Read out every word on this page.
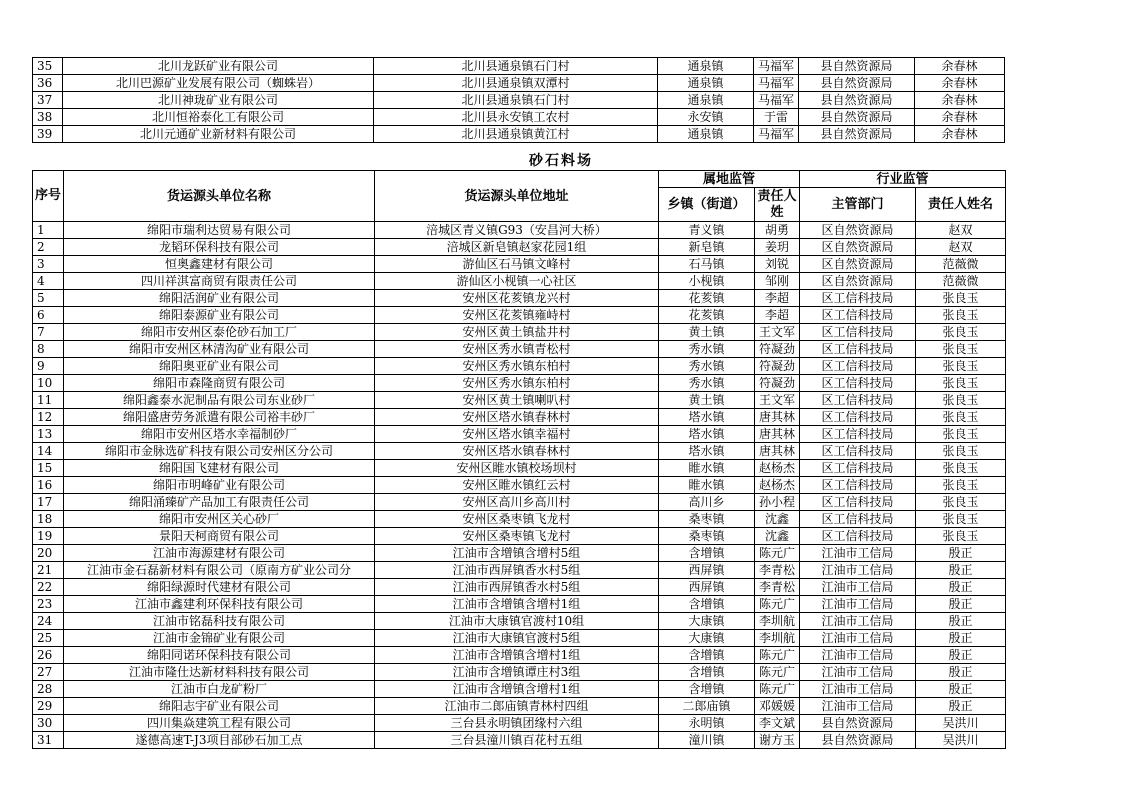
35	北川龙跃矿业有限公司	北川县通泉镇石门村	通泉镇	马福军	县自然资源局	余春林
36	北川巴源矿业发展有限公司（蜘蛛岩）	北川县通泉镇双潭村	通泉镇	马福军	县自然资源局	余春林
37	北川神珑矿业有限公司	北川县通泉镇石门村	通泉镇	马福军	县自然资源局	余春林
38	北川恒裕泰化工有限公司	北川县永安镇工农村	永安镇	于雷	县自然资源局	余春林
39	北川元通矿业新材料有限公司	北川县通泉镇黄江村	通泉镇	马福军	县自然资源局	余春林
砂石料场
序号	货运源头单位名称	货运源头单位地址	属地监管		行业监管	
			乡镇（街道）	责任人姓	主管部门	责任人姓名
1	绵阳市瑞利达贸易有限公司	涪城区青义镇G93（安昌河大桥）	青义镇	胡勇	区自然资源局	赵双
2	龙韬环保科技有限公司	涪城区新皂镇赵家花园1组	新皂镇	姜玥	区自然资源局	赵双
3	恒奥鑫建材有限公司	游仙区石马镇文峰村	石马镇	刘锐	区自然资源局	范薇微
4	四川祥淇富商贸有限责任公司	游仙区小枧镇一心社区	小枧镇	邹刚	区自然资源局	范薇微
5	绵阳活润矿业有限公司	安州区花荄镇龙兴村	花荄镇	李超	区工信科技局	张良玉
6	绵阳泰源矿业有限公司	安州区花荄镇雍峙村	花荄镇	李超	区工信科技局	张良玉
7	绵阳市安州区泰伦砂石加工厂	安州区黄土镇盐井村	黄土镇	王文军	区工信科技局	张良玉
8	绵阳市安州区林清沟矿业有限公司	安州区秀水镇青松村	秀水镇	符凝劲	区工信科技局	张良玉
9	绵阳奥亚矿业有限公司	安州区秀水镇东柏村	秀水镇	符凝劲	区工信科技局	张良玉
10	绵阳市森隆商贸有限公司	安州区秀水镇东柏村	秀水镇	符凝劲	区工信科技局	张良玉
11	绵阳鑫泰水泥制品有限公司东业砂厂	安州区黄土镇喇叭村	黄土镇	王文军	区工信科技局	张良玉
12	绵阳盛唐劳务派遣有限公司裕丰砂厂	安州区塔水镇春林村	塔水镇	唐其林	区工信科技局	张良玉
13	绵阳市安州区塔水幸福制砂厂	安州区塔水镇幸福村	塔水镇	唐其林	区工信科技局	张良玉
14	绵阳市金脉选矿科技有限公司安州区分公司	安州区塔水镇春林村	塔水镇	唐其林	区工信科技局	张良玉
15	绵阳国飞建材有限公司	安州区睢水镇校场坝村	睢水镇	赵杨杰	区工信科技局	张良玉
16	绵阳市明峰矿业有限公司	安州区睢水镇红云村	睢水镇	赵杨杰	区工信科技局	张良玉
17	绵阳涌臻矿产品加工有限责任公司	安州区高川乡高川村	高川乡	孙小程	区工信科技局	张良玉
18	绵阳市安州区关心砂厂	安州区桑枣镇飞龙村	桑枣镇	沈鑫	区工信科技局	张良玉
19	景阳天柯商贸有限公司	安州区桑枣镇飞龙村	桑枣镇	沈鑫	区工信科技局	张良玉
20	江油市海源建材有限公司	江油市含增镇含增村5组	含增镇	陈元广	江油市工信局	殷正
21	江油市金石磊新材料有限公司（原南方矿业公司分	江油市西屏镇香水村5组	西屏镇	李青松	江油市工信局	殷正
22	绵阳绿源时代建材有限公司	江油市西屏镇香水村5组	西屏镇	李青松	江油市工信局	殷正
23	江油市鑫建利环保科技有限公司	江油市含增镇含增村1组	含增镇	陈元广	江油市工信局	殷正
24	江油市铭磊科技有限公司	江油市大康镇官渡村10组	大康镇	李圳航	江油市工信局	殷正
25	江油市金锦矿业有限公司	江油市大康镇官渡村5组	大康镇	李圳航	江油市工信局	殷正
26	绵阳同诺环保科技有限公司	江油市含增镇含增村1组	含增镇	陈元广	江油市工信局	殷正
27	江油市隆仕达新材料科技有限公司	江油市含增镇谭庄村3组	含增镇	陈元广	江油市工信局	殷正
28	江油市白龙矿粉厂	江油市含增镇含增村1组	含增镇	陈元广	江油市工信局	殷正
29	绵阳志宇矿业有限公司	江油市二郎庙镇青林村四组	二郎庙镇	邓媛媛	江油市工信局	殷正
30	四川集焱建筑工程有限公司	三台县永明镇团缘村六组	永明镇	李文斌	县自然资源局	吴洪川
31	遂德高速T-J3项目部砂石加工点	三台县潼川镇百花村五组	潼川镇	谢方玉	县自然资源局	吴洪川
